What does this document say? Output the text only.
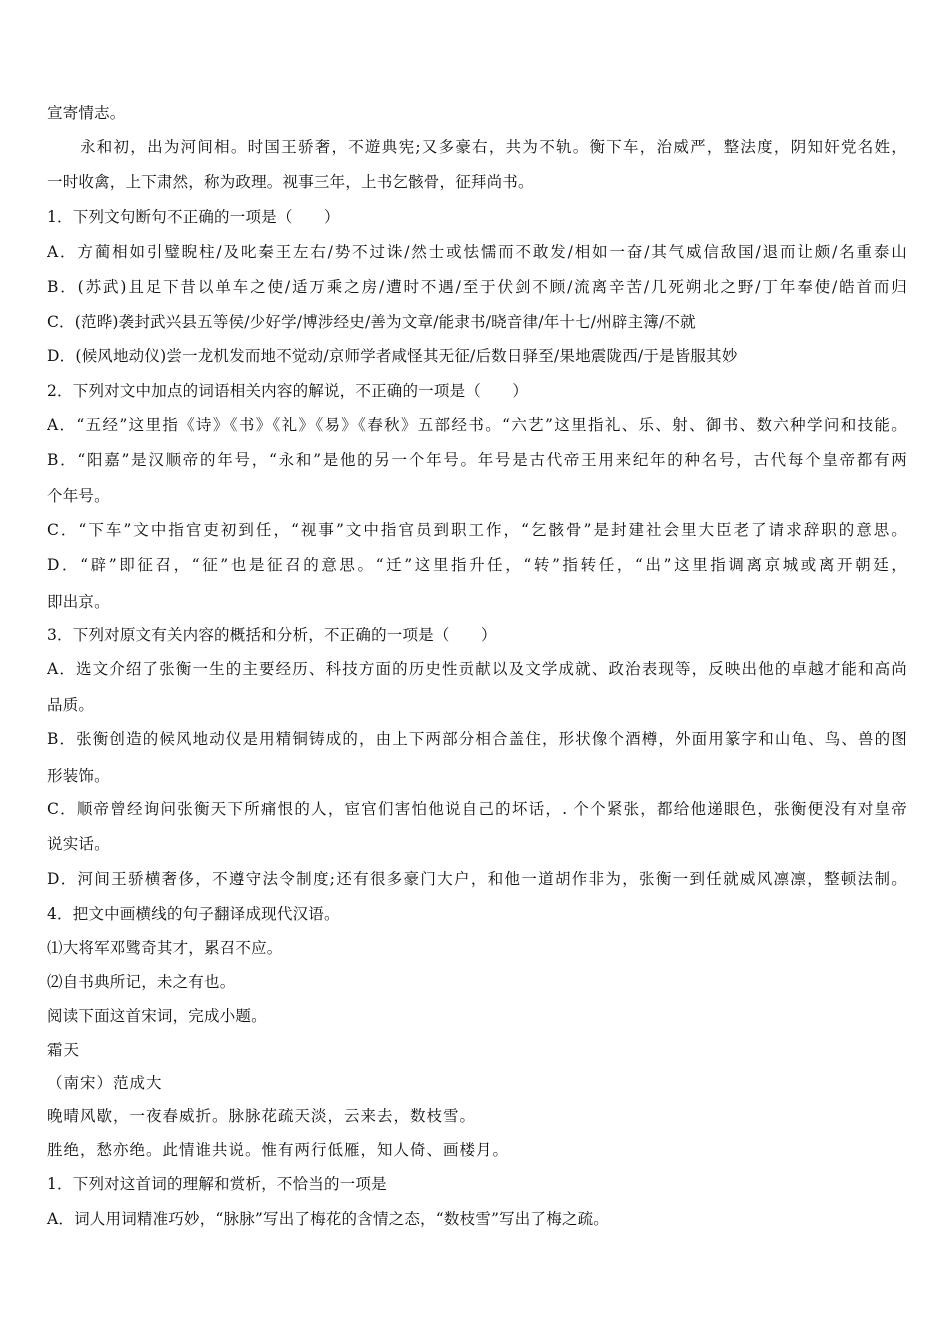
宣寄情志。
永和初，出为河间相。时国王骄奢，不遊典宪;又多豪右，共为不轨。衡下车，治威严，整法度，阴知奸党名姓，
一时收禽，上下肃然，称为政理。视事三年，上书乞骸骨，征拜尚书。
1．下列文句断句不正确的一项是（　　）
A．方蔺相如引璧睨柱/及叱秦王左右/势不过诛/然士或怯懦而不敢发/相如一奋/其气威信敌国/退而让颇/名重泰山
B．(苏武)且足下昔以单车之使/适万乘之房/遭时不遇/至于伏剑不顾/流离辛苦/几死朔北之野/丁年奉使/皓首而归
C．(范晔)袭封武兴县五等侯/少好学/博涉经史/善为文章/能隶书/晓音律/年十七/州辟主簿/不就
D．(候风地动仪)尝一龙机发而地不觉动/京师学者咸怪其无征/后数日驿至/果地震陇西/于是皆服其妙
2．下列对文中加点的词语相关内容的解说，不正确的一项是（　　）
A．“五经”这里指《诗》《书》《礼》《易》《春秋》五部经书。“六艺”这里指礼、乐、射、御书、数六种学问和技能。
B．“阳嘉”是汉顺帝的年号，“永和”是他的另一个年号。年号是古代帝王用来纪年的种名号，古代每个皇帝都有两
个年号。
C．“下车”文中指官吏初到任，“视事”文中指官员到职工作，“乞骸骨”是封建社会里大臣老了请求辞职的意思。
D．“辟”即征召，“征”也是征召的意思。“迁”这里指升任，“转”指转任，“出”这里指调离京城或离开朝廷，
即出京。
3．下列对原文有关内容的概括和分析，不正确的一项是（　　）
A．选文介绍了张衡一生的主要经历、科技方面的历史性贡献以及文学成就、政治表现等，反映出他的卓越才能和高尚
品质。
B．张衡创造的候风地动仪是用精铜铸成的，由上下两部分相合盖住，形状像个酒樽，外面用篆字和山龟、鸟、兽的图
形装饰。
C．顺帝曾经询问张衡天下所痛恨的人，宦官们害怕他说自己的坏话，. 个个紧张，都给他递眼色，张衡便没有对皇帝
说实话。
D．河间王骄横奢侈，不遵守法令制度;还有很多豪门大户，和他一道胡作非为，张衡一到任就威风凛凛，整顿法制。
4．把文中画横线的句子翻译成现代汉语。
⑴大将军邓骘奇其才，累召不应。
⑵自书典所记，未之有也。
阅读下面这首宋词，完成小题。
霜天
（南宋）范成大
晚晴风歇，一夜春威折。脉脉花疏天淡，云来去，数枝雪。
胜绝，愁亦绝。此情谁共说。惟有两行低雁，知人倚、画楼月。
1．下列对这首词的理解和赏析，不恰当的一项是
A．词人用词精准巧妙，“脉脉”写出了梅花的含情之态，“数枝雪”写出了梅之疏。
